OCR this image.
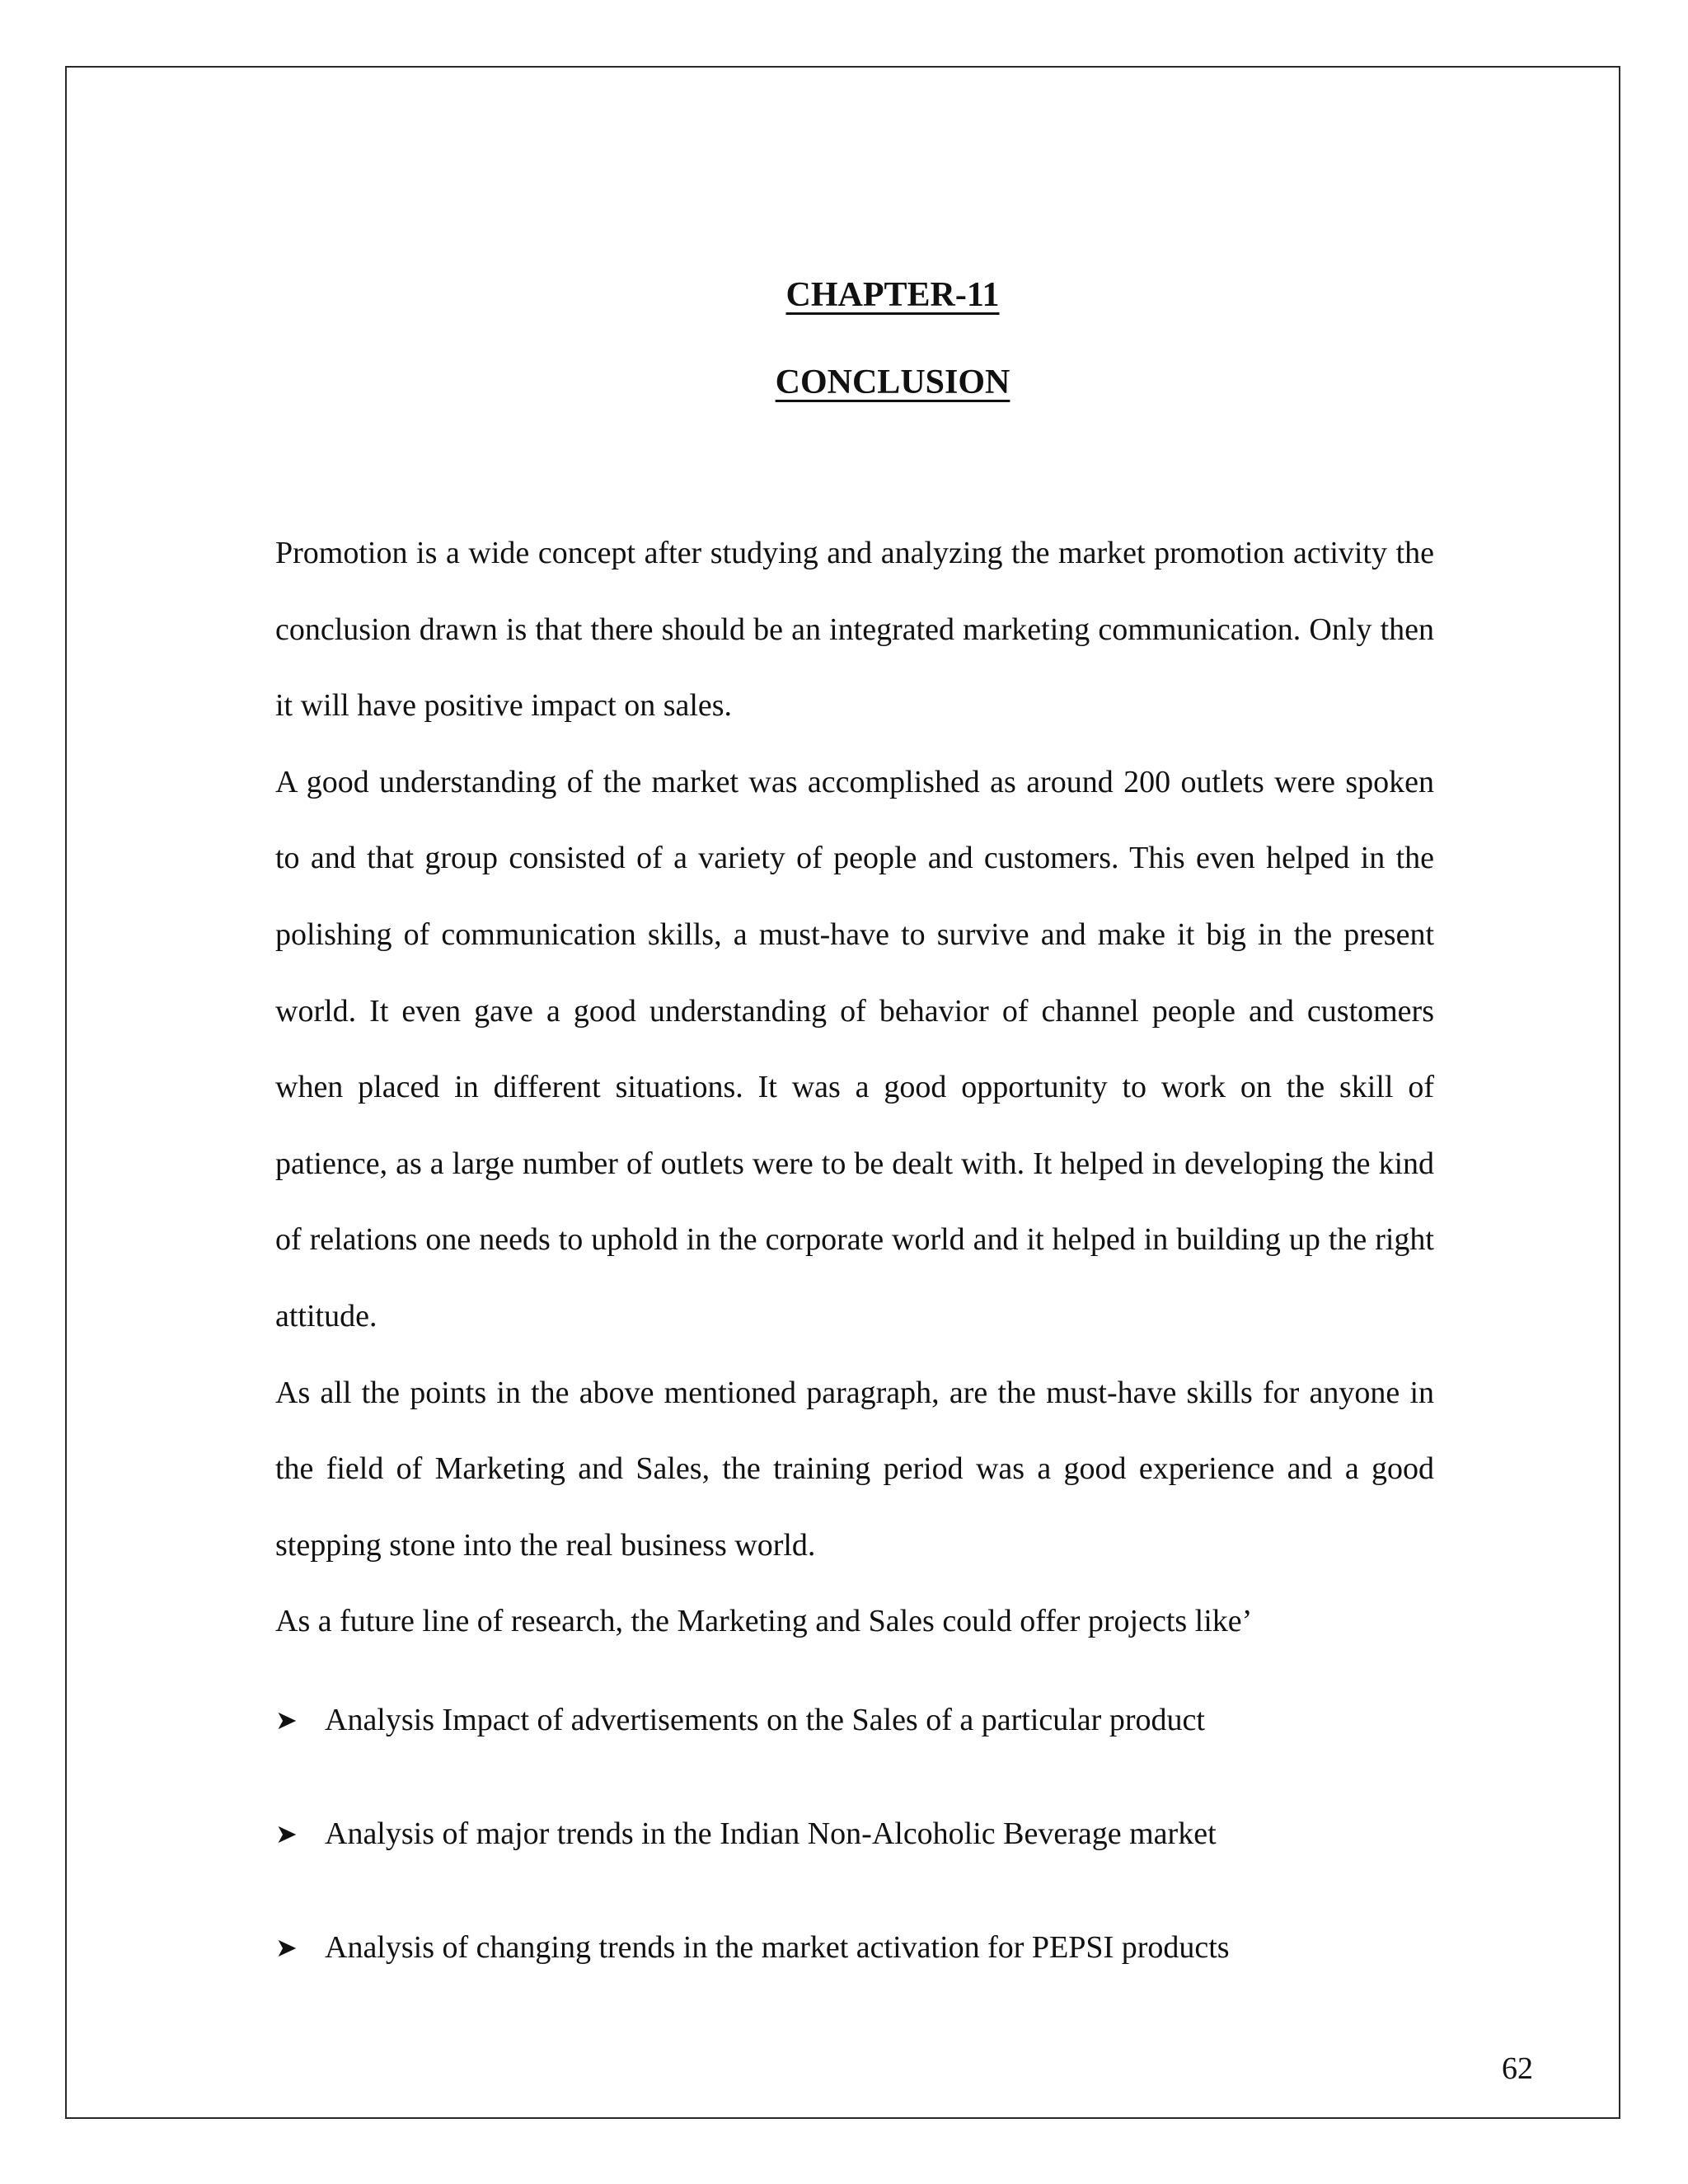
CHAPTER-11
CONCLUSION

Promotion is a wide concept after studying and analyzing the market promotion activity the conclusion drawn is that there should be an integrated marketing communication. Only then it will have positive impact on sales.

A good understanding of the market was accomplished as around 200 outlets were spoken to and that group consisted of a variety of people and customers. This even helped in the polishing of communication skills, a must-have to survive and make it big in the present world. It even gave a good understanding of behavior of channel people and customers when placed in different situations. It was a good opportunity to work on the skill of patience, as a large number of outlets were to be dealt with. It helped in developing the kind of relations one needs to uphold in the corporate world and it helped in building up the right attitude.

As all the points in the above mentioned paragraph, are the must-have skills for anyone in the field of Marketing and Sales, the training period was a good experience and a good stepping stone into the real business world.

As a future line of research, the Marketing and Sales could offer projects like’

➤ Analysis Impact of advertisements on the Sales of a particular product
➤ Analysis of major trends in the Indian Non-Alcoholic Beverage market
➤ Analysis of changing trends in the market activation for PEPSI products
62
